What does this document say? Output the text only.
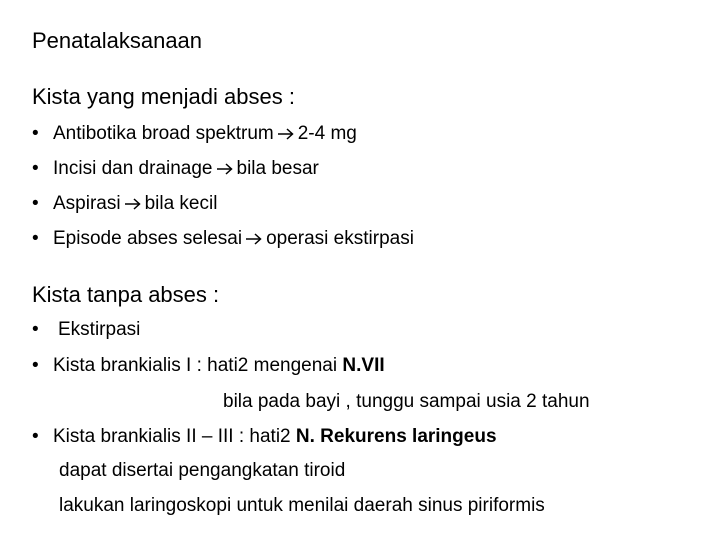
Penatalaksanaan
Kista yang menjadi abses :
• Antibotika broad spektrum 2-4 mg
• Incisi dan drainage bila besar
• Aspirasi bila kecil
• Episode abses selesai operasi ekstirpasi
Kista tanpa abses :
• Ekstirpasi
• Kista brankialis I : hati2 mengenai N.VII
bila pada bayi , tunggu sampai usia 2 tahun
• Kista brankialis II – III : hati2 N. Rekurens laringeus
dapat disertai pengangkatan tiroid
lakukan laringoskopi untuk menilai daerah sinus piriformis
